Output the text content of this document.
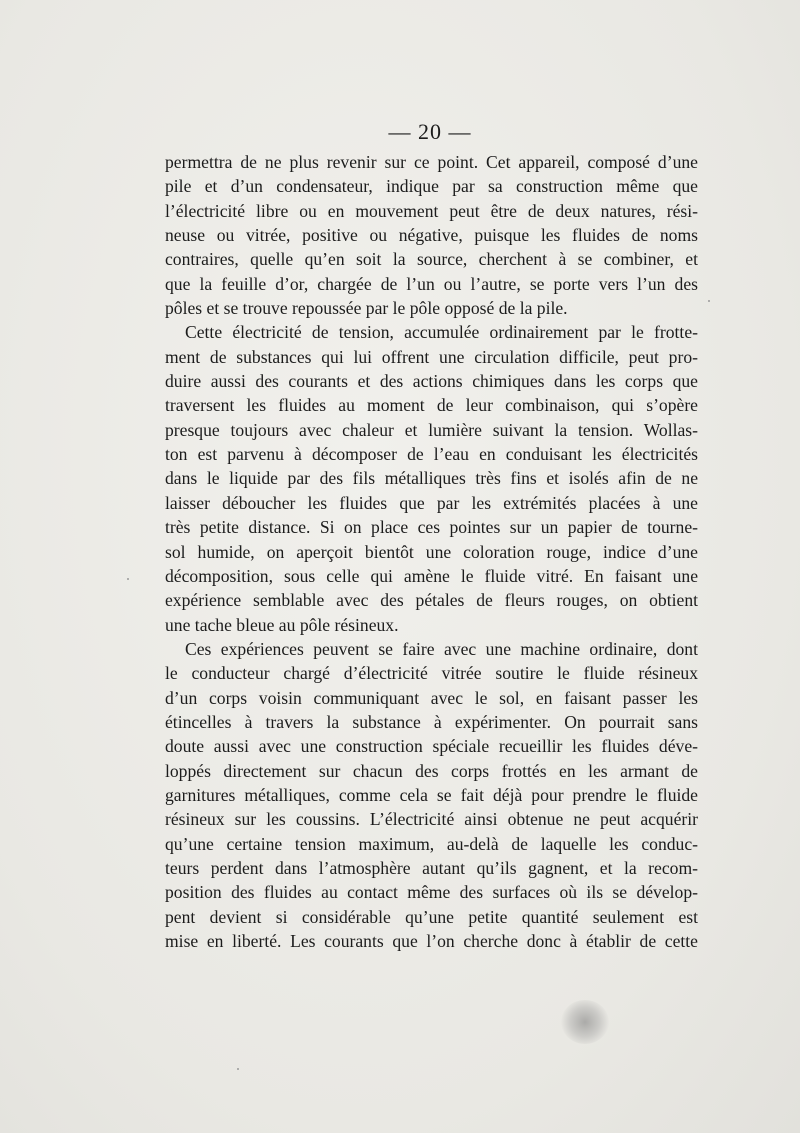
— 20 —
permettra de ne plus revenir sur ce point. Cet appareil, composé d’une
pile et d’un condensateur, indique par sa construction même que
l’électricité libre ou en mouvement peut être de deux natures, rési-
neuse ou vitrée, positive ou négative, puisque les fluides de noms
contraires, quelle qu’en soit la source, cherchent à se combiner, et
que la feuille d’or, chargée de l’un ou l’autre, se porte vers l’un des
pôles et se trouve repoussée par le pôle opposé de la pile.
Cette électricité de tension, accumulée ordinairement par le frotte-
ment de substances qui lui offrent une circulation difficile, peut pro-
duire aussi des courants et des actions chimiques dans les corps que
traversent les fluides au moment de leur combinaison, qui s’opère
presque toujours avec chaleur et lumière suivant la tension. Wollas-
ton est parvenu à décomposer de l’eau en conduisant les électricités
dans le liquide par des fils métalliques très fins et isolés afin de ne
laisser déboucher les fluides que par les extrémités placées à une
très petite distance. Si on place ces pointes sur un papier de tourne-
sol humide, on aperçoit bientôt une coloration rouge, indice d’une
décomposition, sous celle qui amène le fluide vitré. En faisant une
expérience semblable avec des pétales de fleurs rouges, on obtient
une tache bleue au pôle résineux.
Ces expériences peuvent se faire avec une machine ordinaire, dont
le conducteur chargé d’électricité vitrée soutire le fluide résineux
d’un corps voisin communiquant avec le sol, en faisant passer les
étincelles à travers la substance à expérimenter. On pourrait sans
doute aussi avec une construction spéciale recueillir les fluides déve-
loppés directement sur chacun des corps frottés en les armant de
garnitures métalliques, comme cela se fait déjà pour prendre le fluide
résineux sur les coussins. L’électricité ainsi obtenue ne peut acquérir
qu’une certaine tension maximum, au-delà de laquelle les conduc-
teurs perdent dans l’atmosphère autant qu’ils gagnent, et la recom-
position des fluides au contact même des surfaces où ils se dévelop-
pent devient si considérable qu’une petite quantité seulement est
mise en liberté. Les courants que l’on cherche donc à établir de cette
